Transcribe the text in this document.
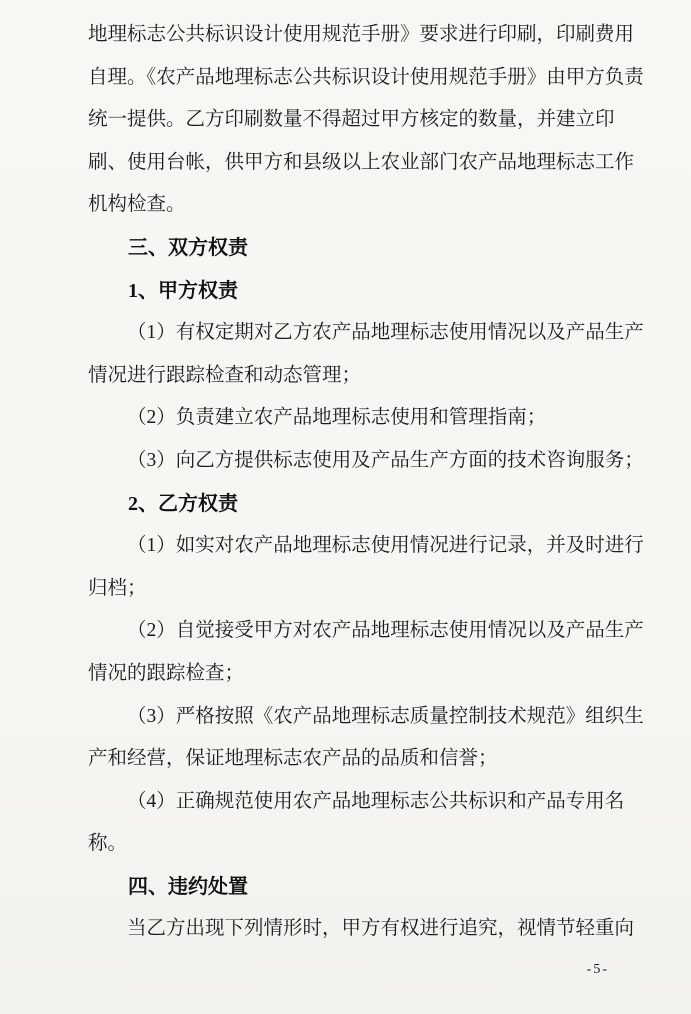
地理标志公共标识设计使用规范手册》要求进行印刷，印刷费用自理。《农产品地理标志公共标识设计使用规范手册》由甲方负责统一提供。乙方印刷数量不得超过甲方核定的数量，并建立印刷、使用台帐，供甲方和县级以上农业部门农产品地理标志工作机构检查。

三、双方权责

1、甲方权责

（1）有权定期对乙方农产品地理标志使用情况以及产品生产情况进行跟踪检查和动态管理；

（2）负责建立农产品地理标志使用和管理指南；

（3）向乙方提供标志使用及产品生产方面的技术咨询服务；

2、乙方权责

（1）如实对农产品地理标志使用情况进行记录，并及时进行归档；

（2）自觉接受甲方对农产品地理标志使用情况以及产品生产情况的跟踪检查；

（3）严格按照《农产品地理标志质量控制技术规范》组织生产和经营，保证地理标志农产品的品质和信誉；

（4）正确规范使用农产品地理标志公共标识和产品专用名称。

四、违约处置

当乙方出现下列情形时，甲方有权进行追究，视情节轻重向

-5-
